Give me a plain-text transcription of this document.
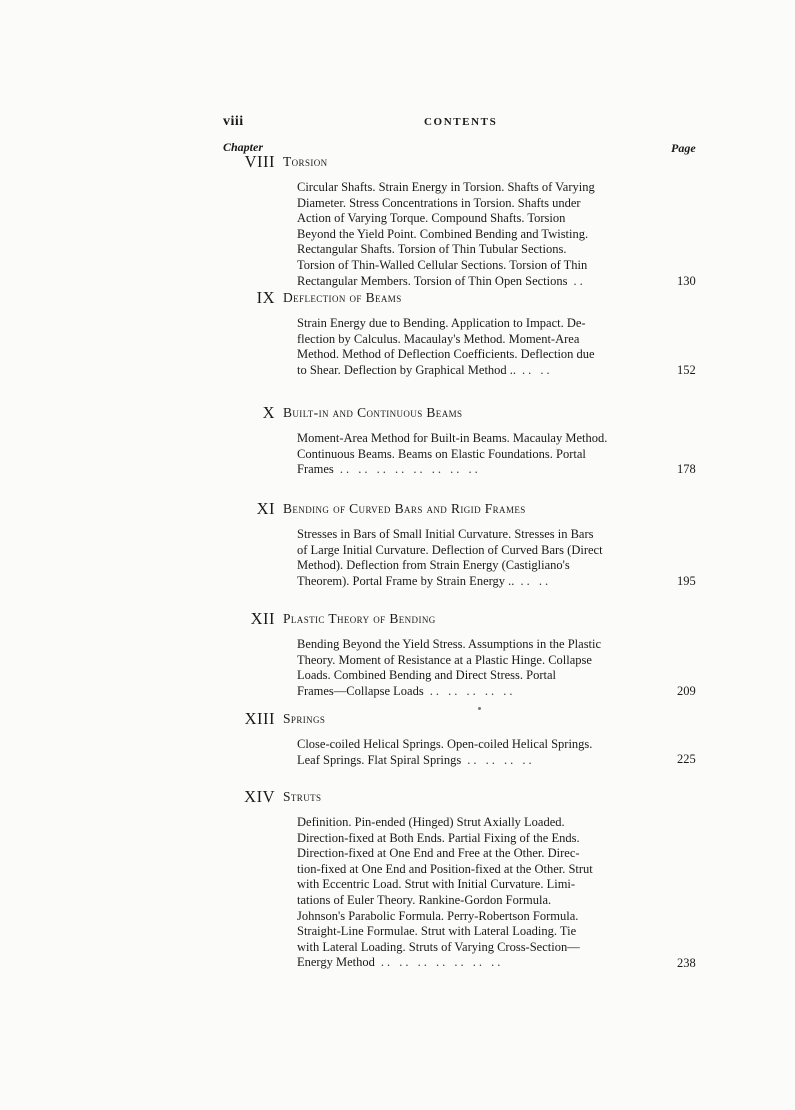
viii	CONTENTS
Chapter	Page
VIII Torsion
Circular Shafts. Strain Energy in Torsion. Shafts of Varying
Diameter. Stress Concentrations in Torsion. Shafts under
Action of Varying Torque. Compound Shafts. Torsion
Beyond the Yield Point. Combined Bending and Twisting.
Rectangular Shafts. Torsion of Thin Tubular Sections.
Torsion of Thin-Walled Cellular Sections. Torsion of Thin
Rectangular Members. Torsion of Thin Open Sections ..	130
IX Deflection of Beams
Strain Energy due to Bending. Application to Impact. De-
flection by Calculus. Macaulay's Method. Moment-Area
Method. Method of Deflection Coefficients. Deflection due
to Shear. Deflection by Graphical Method .. .. ..	152
X Built-in and Continuous Beams
Moment-Area Method for Built-in Beams. Macaulay Method.
Continuous Beams. Beams on Elastic Foundations. Portal
Frames .. .. .. .. .. .. .. ..	178
XI Bending of Curved Bars and Rigid Frames
Stresses in Bars of Small Initial Curvature. Stresses in Bars
of Large Initial Curvature. Deflection of Curved Bars (Direct
Method). Deflection from Strain Energy (Castigliano's
Theorem). Portal Frame by Strain Energy .. .. ..	195
XII Plastic Theory of Bending
Bending Beyond the Yield Stress. Assumptions in the Plastic
Theory. Moment of Resistance at a Plastic Hinge. Collapse
Loads. Combined Bending and Direct Stress. Portal
Frames—Collapse Loads .. .. .. .. ..	209
XIII Springs
Close-coiled Helical Springs. Open-coiled Helical Springs.
Leaf Springs. Flat Spiral Springs .. .. .. ..	225
XIV Struts
Definition. Pin-ended (Hinged) Strut Axially Loaded.
Direction-fixed at Both Ends. Partial Fixing of the Ends.
Direction-fixed at One End and Free at the Other. Direc-
tion-fixed at One End and Position-fixed at the Other. Strut
with Eccentric Load. Strut with Initial Curvature. Limi-
tations of Euler Theory. Rankine-Gordon Formula.
Johnson's Parabolic Formula. Perry-Robertson Formula.
Straight-Line Formulae. Strut with Lateral Loading. Tie
with Lateral Loading. Struts of Varying Cross-Section—
Energy Method .. .. .. .. .. .. ..	238
